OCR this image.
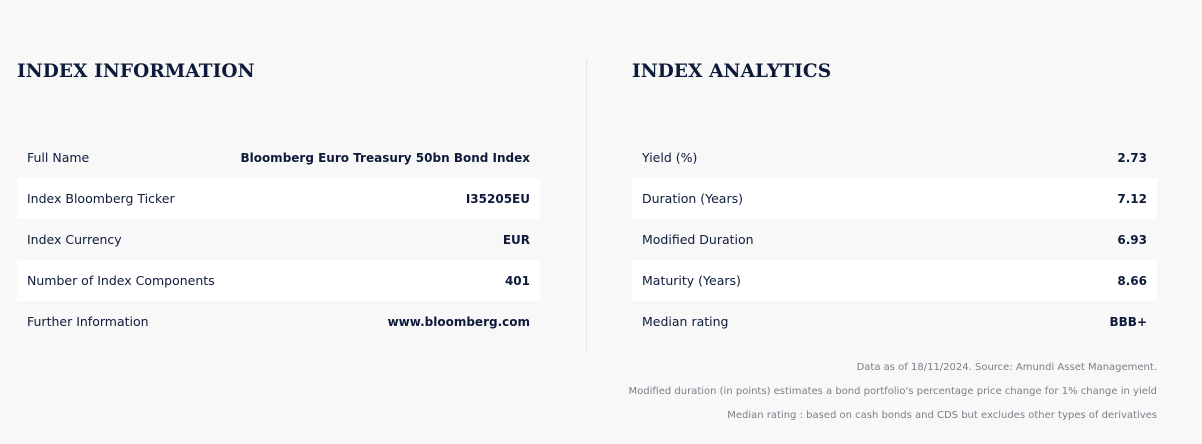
INDEX INFORMATION
Full Name	Bloomberg Euro Treasury 50bn Bond Index
Index Bloomberg Ticker	I35205EU
Index Currency	EUR
Number of Index Components	401
Further Information	www.bloomberg.com
INDEX ANALYTICS
Yield (%)	2.73
Duration (Years)	7.12
Modified Duration	6.93
Maturity (Years)	8.66
Median rating	BBB+
Data as of 18/11/2024. Source: Amundi Asset Management.
Modified duration (in points) estimates a bond portfolio's percentage price change for 1% change in yield
Median rating : based on cash bonds and CDS but excludes other types of derivatives
